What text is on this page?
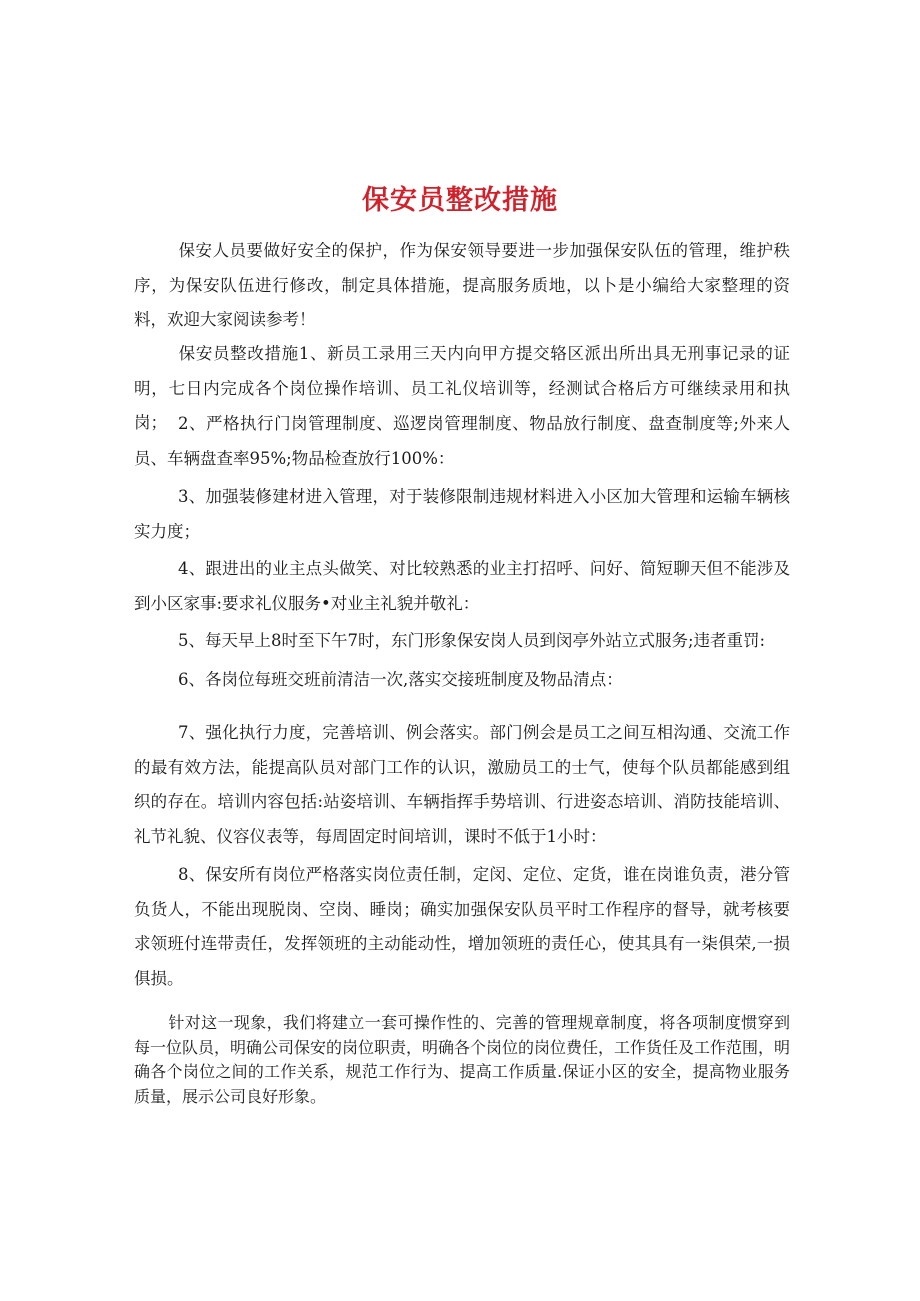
保安员整改措施

保安人员要做好安全的保护，作为保安领导要进一步加强保安队伍的管理，维护秩序，为保安队伍进行修改，制定具体措施，提高服务质地，以卜是小编给大家整理的资料，欢迎大家阅读参考！

保安员整改措施1、新员工录用三天内向甲方提交辂区派出所出具无刑事记录的证明，七日内完成各个岗位操作培训、员工礼仪培训等，经测试合格后方可继续录用和执岗； 2、严格执行门岗管理制度、巡逻岗管理制度、物品放行制度、盘查制度等;外来人员、车辆盘查率95%;物品检查放行100%：

3、加强装修建材进入管理，对于装修限制违规材料进入小区加大管理和运输车辆核实力度；

4、跟进出的业主点头做笑、对比较熟悉的业主打招呼、问好、简短聊天但不能涉及到小区家事:要求礼仪服务•对业主礼貌并敬礼：

5、每天早上8时至下午7时，东门形象保安岗人员到闵亭外站立式服务;违者重罚:

6、各岗位每班交班前清洁一次,落实交接班制度及物品清点：

7、强化执行力度，完善培训、例会落实。部门例会是员工之间互相沟通、交流工作的最有效方法，能提高队员对部门工作的认识，激励员工的士气，使每个队员都能感到组织的存在。培训内容包括:站姿培训、车辆指挥手势培训、行进姿态培训、消防技能培训、礼节礼貌、仪容仪表等，每周固定时间培训，课时不低于1小时：

8、保安所有岗位严格落实岗位责任制，定闵、定位、定货，谁在岗谁负责，港分管负货人，不能出现脱岗、空岗、睡岗；确实加强保安队员平时工作程序的督导，就考核要求领班付连带责任，发挥领班的主动能动性，增加领班的责任心，使其具有一柒俱荣,一损俱损。

针对这一现象，我们将建立一套可操作性的、完善的管理规章制度，将各项制度惯穿到每一位队员，明确公司保安的岗位职责，明确各个岗位的岗位费任，工作货任及工作范围，明确各个岗位之间的工作关系，规范工作行为、提高工作质量.保证小区的安全，提高物业服务质量，展示公司良好形象。
